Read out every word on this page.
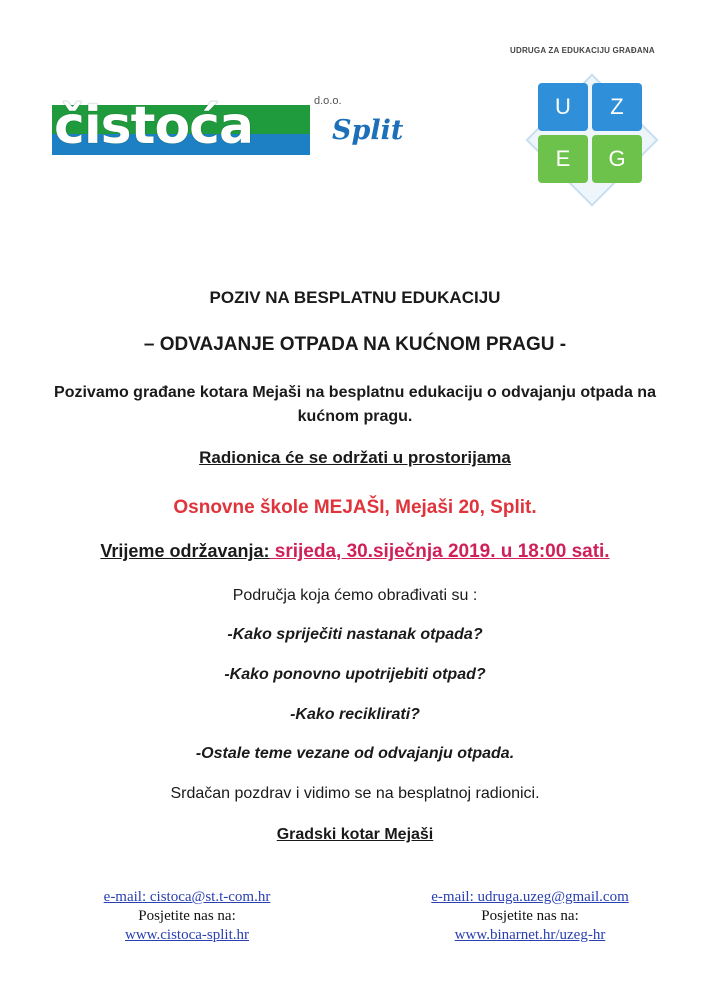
čistoća	d.o.o.
Split
UDRUGA ZA EDUKACIJU GRAĐANA
U	Z
E	G
POZIV NA BESPLATNU EDUKACIJU
– ODVAJANJE OTPADA NA KUĆNOM PRAGU -
Pozivamo građane kotara Mejaši na besplatnu edukaciju o odvajanju otpada na kućnom pragu.
Radionica će se održati u prostorijama
Osnovne škole MEJAŠI, Mejaši 20, Split.
Vrijeme održavanja: srijeda, 30.siječnja 2019. u 18:00 sati.
Područja koja ćemo obrađivati su :
-Kako spriječiti nastanak otpada?
-Kako ponovno upotrijebiti otpad?
-Kako reciklirati?
-Ostale teme vezane od odvajanju otpada.
Srdačan pozdrav i vidimo se na besplatnoj radionici.
Gradski kotar Mejaši
e-mail: cistoca@st.t-com.hr
Posjetite nas na:
www.cistoca-split.hr
e-mail: udruga.uzeg@gmail.com
Posjetite nas na:
www.binarnet.hr/uzeg-hr
